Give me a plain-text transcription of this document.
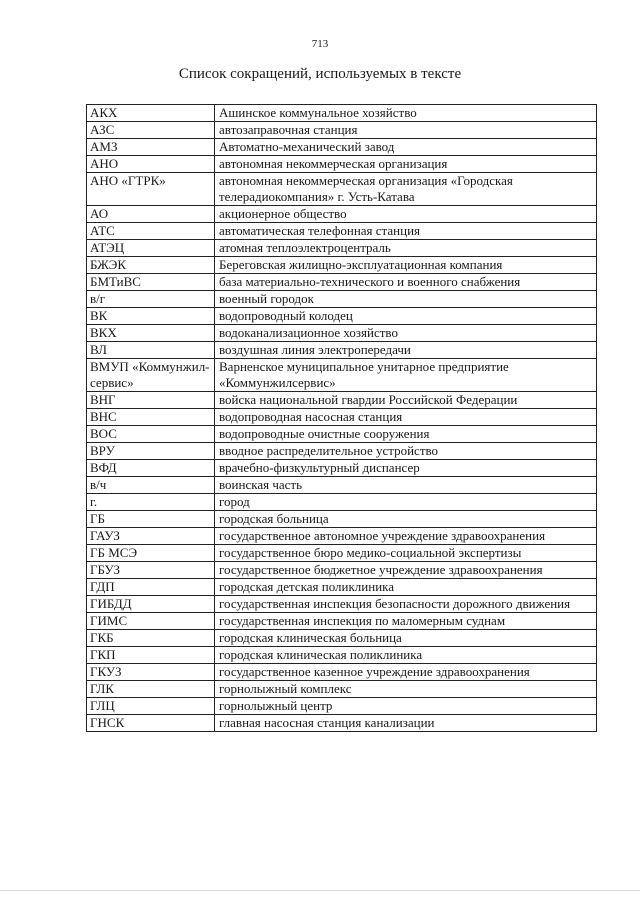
713
Список сокращений, используемых в тексте
АКХ	Ашинское коммунальное хозяйство
АЗС	автозаправочная станция
АМЗ	Автоматно-механический завод
АНО	автономная некоммерческая организация
АНО «ГТРК»	автономная некоммерческая организация «Городская телерадиокомпания» г. Усть-Катава
АО	акционерное общество
АТС	автоматическая телефонная станция
АТЭЦ	атомная теплоэлектроцентраль
БЖЭК	Береговская жилищно-эксплуатационная компания
БМТиВС	база материально-технического и военного снабжения
в/г	военный городок
ВК	водопроводный колодец
ВКХ	водоканализационное хозяйство
ВЛ	воздушная линия электропередачи
ВМУП «Коммунжил-сервис»	Варненское муниципальное унитарное предприятие «Коммунжилсервис»
ВНГ	войска национальной гвардии Российской Федерации
ВНС	водопроводная насосная станция
ВОС	водопроводные очистные сооружения
ВРУ	вводное распределительное устройство
ВФД	врачебно-физкультурный диспансер
в/ч	воинская часть
г.	город
ГБ	городская больница
ГАУЗ	государственное автономное учреждение здравоохранения
ГБ МСЭ	государственное бюро медико-социальной экспертизы
ГБУЗ	государственное бюджетное учреждение здравоохранения
ГДП	городская детская поликлиника
ГИБДД	государственная инспекция безопасности дорожного движения
ГИМС	государственная инспекция по маломерным суднам
ГКБ	городская клиническая больница
ГКП	городская клиническая поликлиника
ГКУЗ	государственное казенное учреждение здравоохранения
ГЛК	горнолыжный комплекс
ГЛЦ	горнолыжный центр
ГНСК	главная насосная станция канализации
